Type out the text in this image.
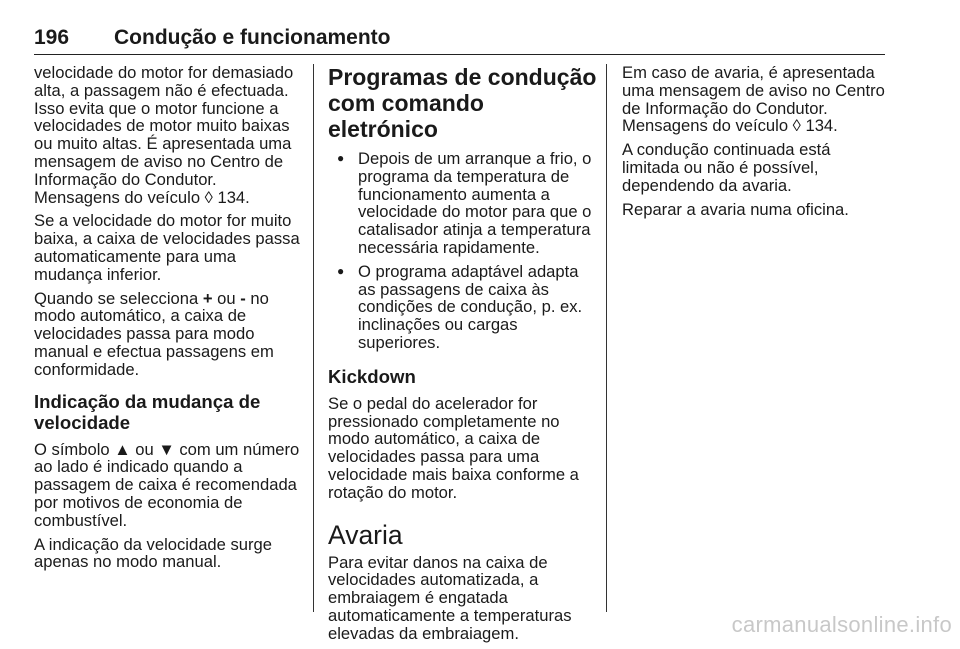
196 Condução e funcionamento

velocidade do motor for demasiado alta, a passagem não é efectuada. Isso evita que o motor funcione a velocidades de motor muito baixas ou muito altas. É apresentada uma mensagem de aviso no Centro de Informação do Condutor. Mensagens do veículo ◊ 134.

Se a velocidade do motor for muito baixa, a caixa de velocidades passa automaticamente para uma mudança inferior.

Quando se selecciona + ou - no modo automático, a caixa de velocidades passa para modo manual e efectua passagens em conformidade.

Indicação da mudança de velocidade

O símbolo ▲ ou ▼ com um número ao lado é indicado quando a passagem de caixa é recomendada por motivos de economia de combustível.

A indicação da velocidade surge apenas no modo manual.

Programas de condução com comando eletrónico
● Depois de um arranque a frio, o programa da temperatura de funcionamento aumenta a velocidade do motor para que o catalisador atinja a temperatura necessária rapidamente.
● O programa adaptável adapta as passagens de caixa às condições de condução, p. ex. inclinações ou cargas superiores.
Kickdown

Se o pedal do acelerador for pressionado completamente no modo automático, a caixa de velocidades passa para uma velocidade mais baixa conforme a rotação do motor.

Avaria

Para evitar danos na caixa de velocidades automatizada, a embraiagem é engatada automaticamente a temperaturas elevadas da embraiagem.

Em caso de avaria, é apresentada uma mensagem de aviso no Centro de Informação do Condutor. Mensagens do veículo ◊ 134.

A condução continuada está limitada ou não é possível, dependendo da avaria.

Reparar a avaria numa oficina.

carmanualsonline.info
